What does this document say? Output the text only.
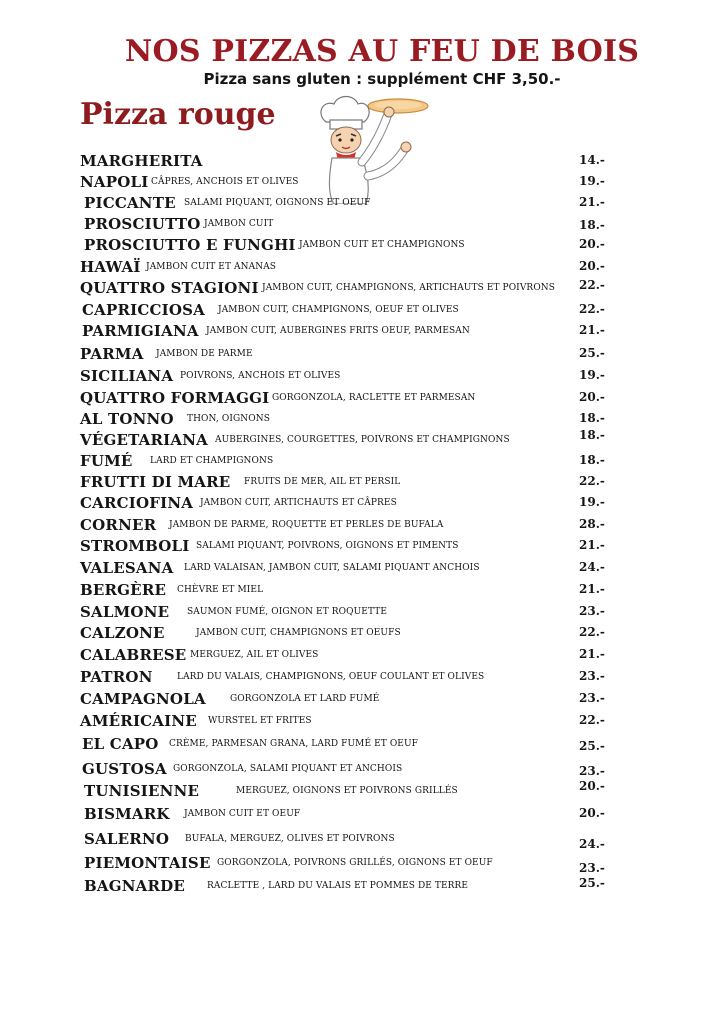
NOS PIZZAS AU FEU DE BOIS
Pizza sans gluten : supplément CHF 3,50.-
Pizza rouge
MARGHERITA	14.-
NAPOLI CÂPRES, ANCHOIS ET OLIVES	19.-
PICCANTE SALAMI PIQUANT, OIGNONS ET OEUF	21.-
PROSCIUTTO JAMBON CUIT	18.-
PROSCIUTTO E FUNGHI JAMBON CUIT ET CHAMPIGNONS	20.-
HAWAÏ JAMBON CUIT ET ANANAS	20.-
QUATTRO STAGIONI JAMBON CUIT, CHAMPIGNONS, ARTICHAUTS ET POIVRONS 22.-
CAPRICCIOSA JAMBON CUIT, CHAMPIGNONS, OEUF ET OLIVES	22.-
PARMIGIANA JAMBON CUIT, AUBERGINES FRITS OEUF, PARMESAN	21.-
PARMA JAMBON DE PARME	25.-
SICILIANA POIVRONS, ANCHOIS ET OLIVES	19.-
QUATTRO FORMAGGI GORGONZOLA, RACLETTE ET PARMESAN	20.-
AL TONNO THON, OIGNONS	18.-
VÉGETARIANA AUBERGINES, COURGETTES, POIVRONS ET CHAMPIGNONS	18.-
FUMÉ LARD ET CHAMPIGNONS	18.-
FRUTTI DI MARE FRUITS DE MER, AIL ET PERSIL	22.-
CARCIOFINA JAMBON CUIT, ARTICHAUTS ET CÂPRES	19.-
CORNER JAMBON DE PARME, ROQUETTE ET PERLES DE BUFALA	28.-
STROMBOLI SALAMI PIQUANT, POIVRONS, OIGNONS ET PIMENTS	21.-
VALESANA LARD VALAISAN, JAMBON CUIT, SALAMI PIQUANT ANCHOIS	24.-
BERGÈRE CHÈVRE ET MIEL	21.-
SALMONE SAUMON FUMÉ, OIGNON ET ROQUETTE	23.-
CALZONE	JAMBON CUIT, CHAMPIGNONS ET OEUFS	22.-
CALABRESE MERGUEZ, AIL ET OLIVES	21.-
PATRON	LARD DU VALAIS, CHAMPIGNONS, OEUF COULANT ET OLIVES	23.-
CAMPAGNOLA	GORGONZOLA ET LARD FUMÉ	23.-
AMÉRICAINE WURSTEL ET FRITES	22.-
EL CAPO CRÈME, PARMESAN GRANA, LARD FUMÉ ET OEUF	25.-
GUSTOSA GORGONZOLA, SALAMI PIQUANT ET ANCHOIS	23.-
TUNISIENNE	MERGUEZ, OIGNONS ET POIVRONS GRILLÉS	20.-
BISMARK JAMBON CUIT ET OEUF	20.-
SALERNO BUFALA, MERGUEZ, OLIVES ET POIVRONS	24.-
PIEMONTAISE GORGONZOLA, POIVRONS GRILLÉS, OIGNONS ET OEUF	23.-
BAGNARDE RACLETTE , LARD DU VALAIS ET POMMES DE TERRE	25.-
